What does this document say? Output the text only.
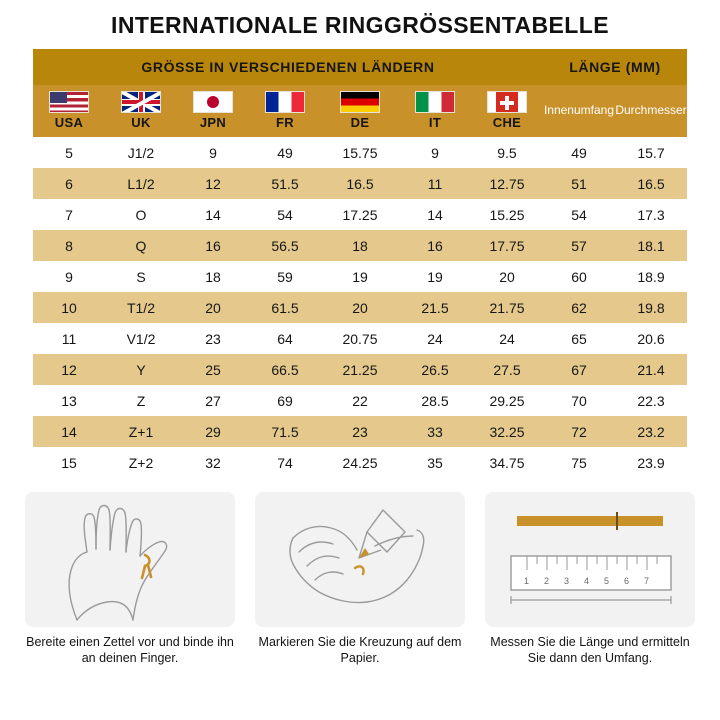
INTERNATIONALE RINGGRÖSSENTABELLE
GRÖSSE IN VERSCHIEDENEN LÄNDERN							LÄNGE (MM)	

USA	UK	JPN	FR	DE	IT	CHE	Innenumfang	Durchmesser
5	J1/2	9	49	15.75	9	9.5	49	15.7
6	L1/2	12	51.5	16.5	11	12.75	51	16.5
7	O	14	54	17.25	14	15.25	54	17.3
8	Q	16	56.5	18	16	17.75	57	18.1
9	S	18	59	19	19	20	60	18.9
10	T1/2	20	61.5	20	21.5	21.75	62	19.8
11	V1/2	23	64	20.75	24	24	65	20.6
12	Y	25	66.5	21.25	26.5	27.5	67	21.4
13	Z	27	69	22	28.5	29.25	70	22.3
14	Z+1	29	71.5	23	33	32.25	72	23.2
15	Z+2	32	74	24.25	35	34.75	75	23.9
Bereite einen Zettel vor und binde ihn an deinen Finger.
Markieren Sie die Kreuzung auf dem Papier.
1 2 3 4 5 6 7
Messen Sie die Länge und ermitteln Sie dann den Umfang.
